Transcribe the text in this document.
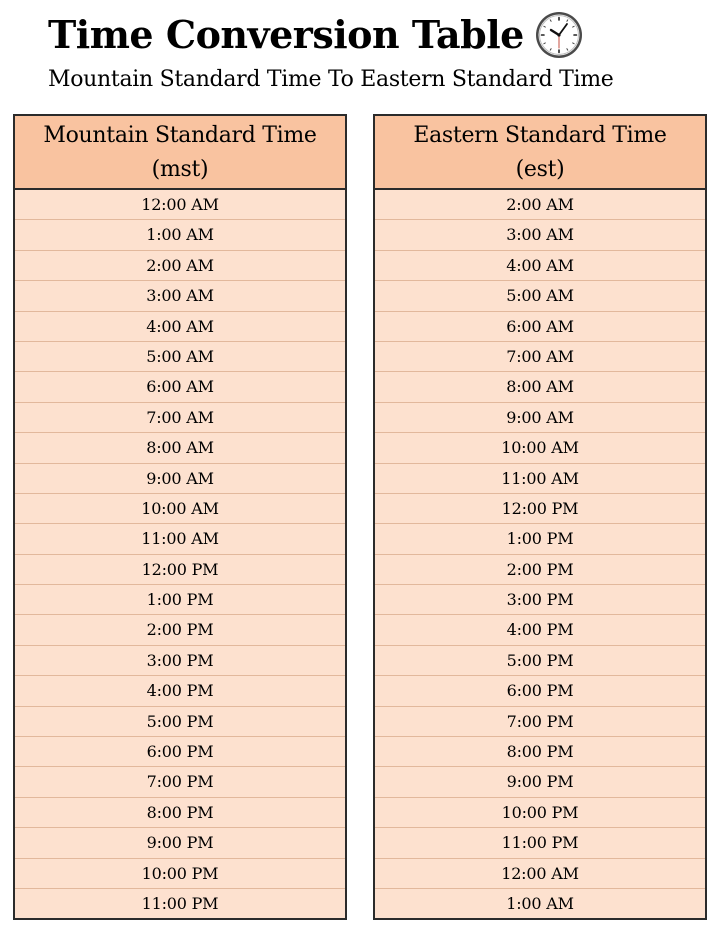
Time Conversion Table
Mountain Standard Time To Eastern Standard Time
Mountain Standard Time
(mst)
12:00 AM
1:00 AM
2:00 AM
3:00 AM
4:00 AM
5:00 AM
6:00 AM
7:00 AM
8:00 AM
9:00 AM
10:00 AM
11:00 AM
12:00 PM
1:00 PM
2:00 PM
3:00 PM
4:00 PM
5:00 PM
6:00 PM
7:00 PM
8:00 PM
9:00 PM
10:00 PM
11:00 PM
Eastern Standard Time
(est)
2:00 AM
3:00 AM
4:00 AM
5:00 AM
6:00 AM
7:00 AM
8:00 AM
9:00 AM
10:00 AM
11:00 AM
12:00 PM
1:00 PM
2:00 PM
3:00 PM
4:00 PM
5:00 PM
6:00 PM
7:00 PM
8:00 PM
9:00 PM
10:00 PM
11:00 PM
12:00 AM
1:00 AM
